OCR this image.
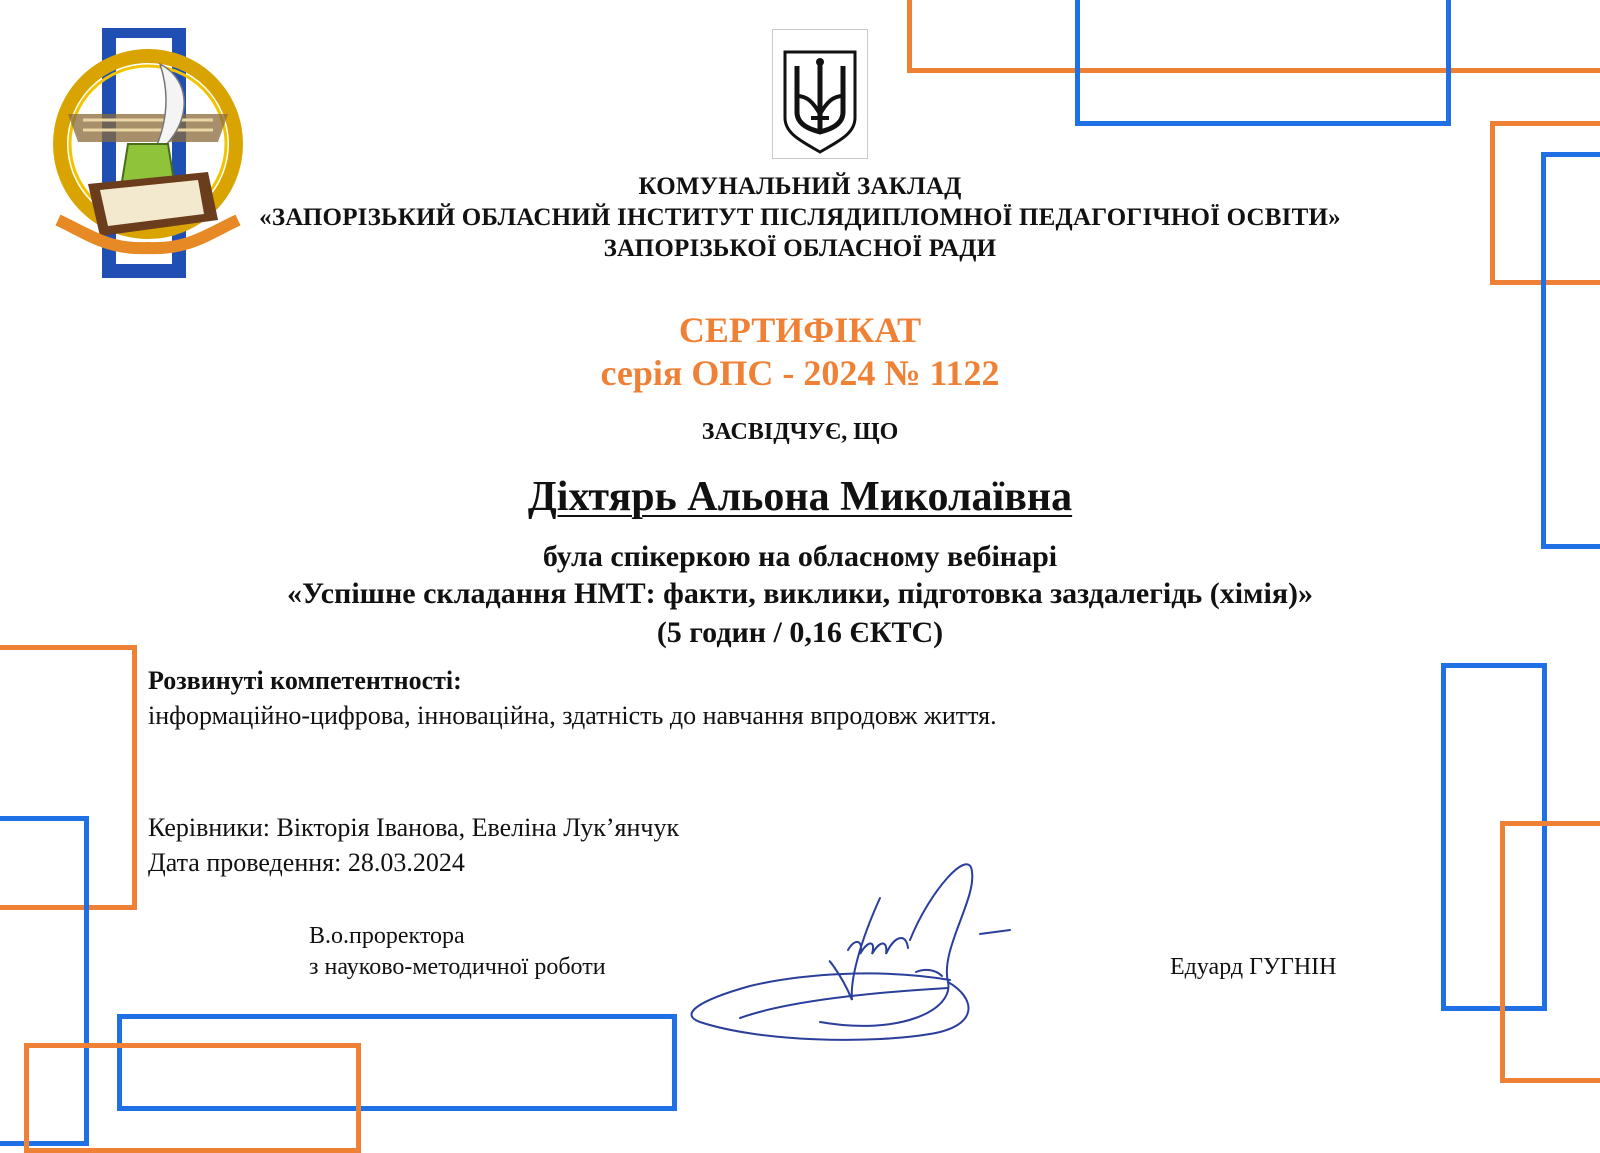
КОМУНАЛЬНИЙ ЗАКЛАД
«ЗАПОРІЗЬКИЙ ОБЛАСНИЙ ІНСТИТУТ ПІСЛЯДИПЛОМНОЇ ПЕДАГОГІЧНОЇ ОСВІТИ»
ЗАПОРІЗЬКОЇ ОБЛАСНОЇ РАДИ
СЕРТИФІКАТ
серія ОПС - 2024 № 1122
ЗАСВІДЧУЄ, ЩО
Діхтярь Альона Миколаївна
була спікеркою на обласному вебінарі
«Успішне складання НМТ: факти, виклики, підготовка заздалегідь (хімія)»
(5 годин / 0,16 ЄКТС)
Розвинуті компетентності:
інформаційно-цифрова, інноваційна, здатність до навчання впродовж життя.
Керівники: Вікторія Іванова, Евеліна Лук’янчук
Дата проведення: 28.03.2024
В.о.проректора
з науково-методичної роботи	Едуард ГУГНІН
